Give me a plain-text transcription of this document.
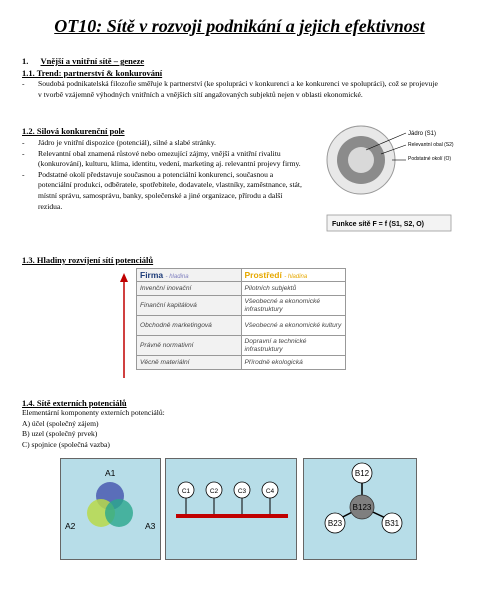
OT10: Sítě v rozvoji podnikání a jejich efektivnost
1. Vnější a vnitřní sítě – geneze
1.1. Trend: partnerství & konkurování
- Soudobá podnikatelská filozofie směřuje k partnerství (ke spolupráci v konkurenci a ke konkurenci ve spolupráci), což se projevuje v tvorbě vzájemně výhodných vnitřních a vnějších sítí angažovaných subjektů nejen v oblasti ekonomické.
1.2. Silová konkurenční pole
- Jádro je vnitřní dispozice (potenciál), silné a slabé stránky.
- Relevantní obal znamená růstové nebo omezující zájmy, vnější a vnitřní rivalitu (konkurování), kulturu, klima, identitu, vedení, marketing aj. relevantní projevy firmy.
- Podstatné okolí představuje současnou a potenciální konkurenci, současnou a potenciální produkci, odběratele, spotřebitele, dodavatele, vlastníky, zaměstnance, stát, místní správu, samosprávu, banky, společenské a jiné organizace, přírodu a další rezidua.
Jádro (S1)
Relevantní obal (S2)
Podstatné okolí (O)
Funkce sítě F = f (S1, S2, O)
1.3. Hladiny rozvíjení sítí potenciálů
Firma - hladina	Prostředí - hladina
Invenční inovační	Pilotních subjektů
Finanční kapitálová	Všeobecné a ekonomické infrastruktury
Obchodně marketingová	Všeobecné a ekonomické kultury
Právně normativní	Dopravní a technické infrastruktury
Věcně materiální	Přírodně ekologická
1.4. Sítě externích potenciálů
Elementární komponenty externích potenciálů:
A) účel (společný zájem)
B) uzel (společný prvek)
C) spojnice (společná vazba)
A1
A2	A3
C1	C2	C3	C4
B12
B23	B31
B123
